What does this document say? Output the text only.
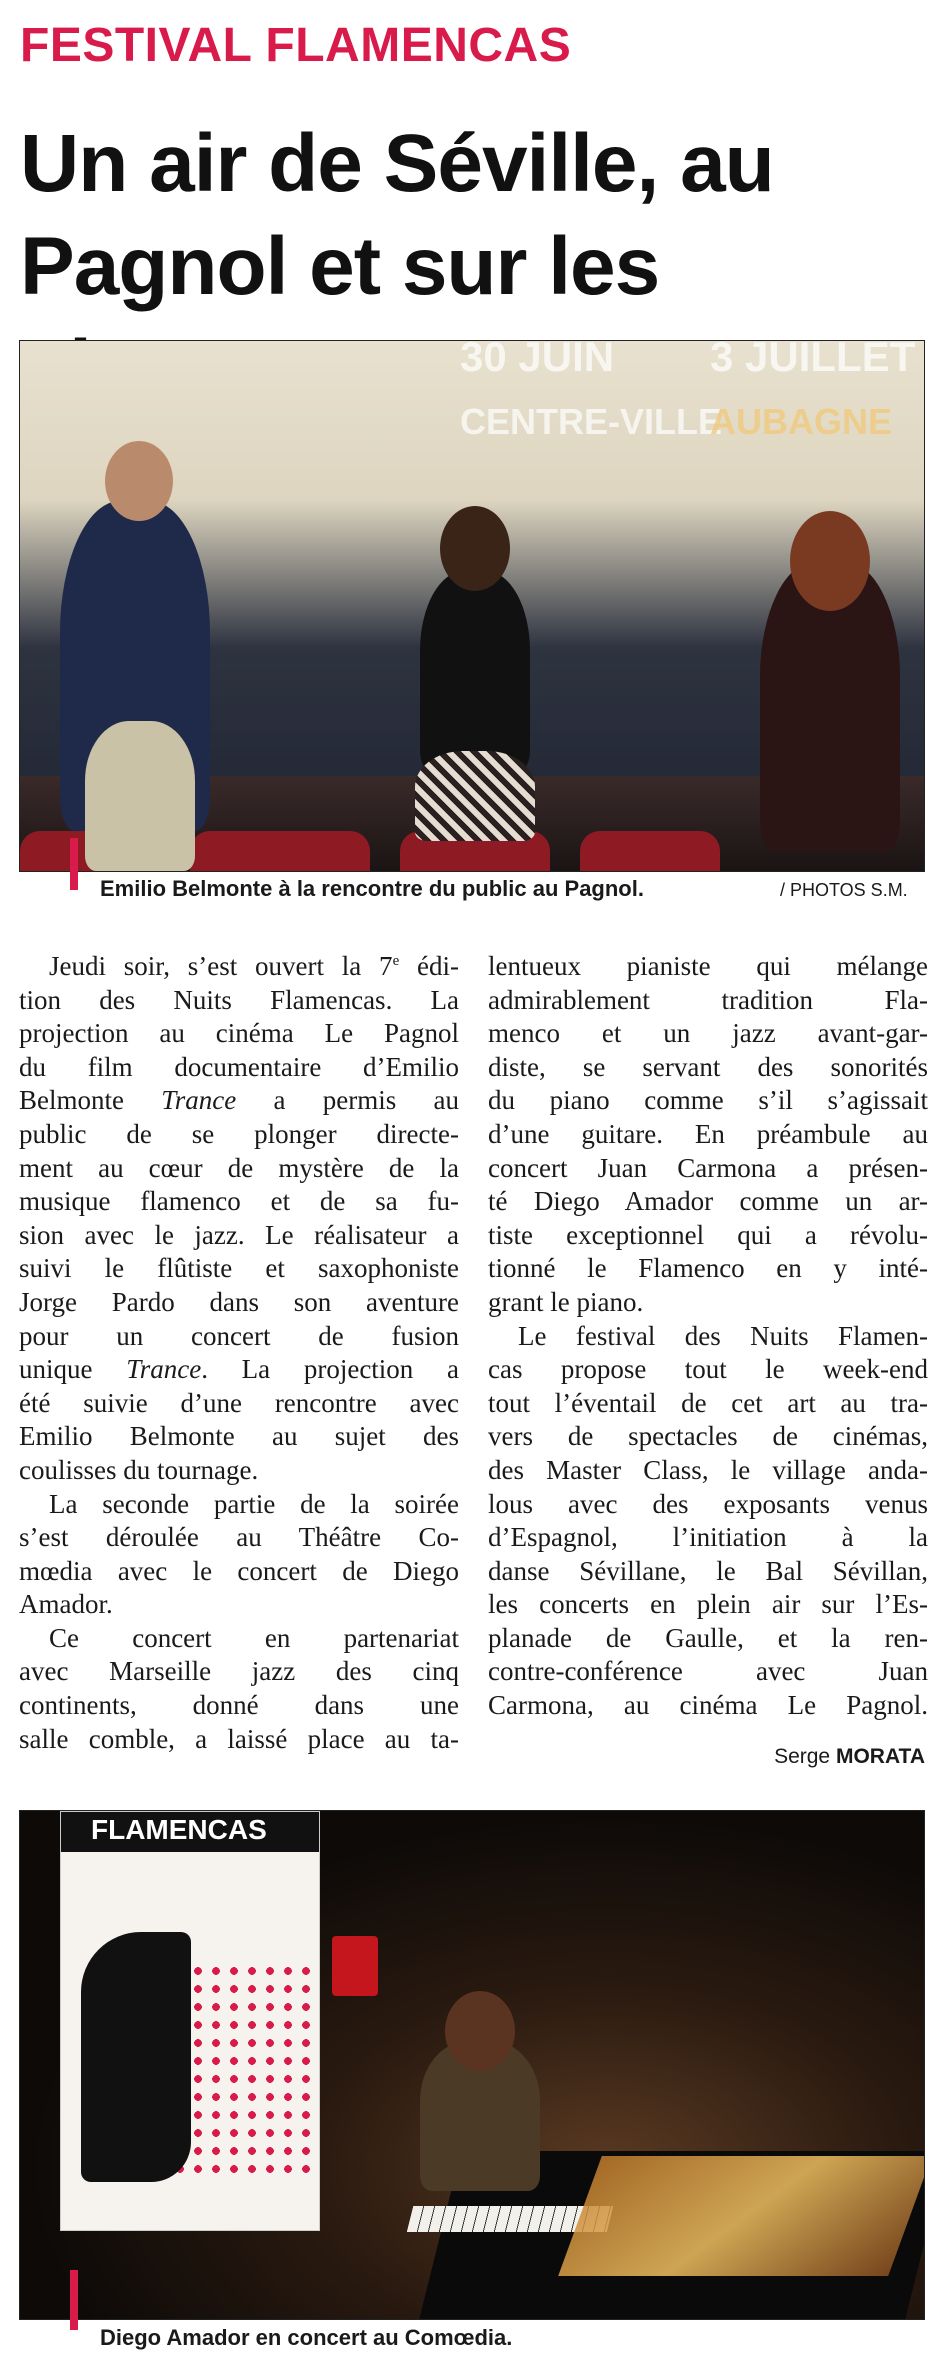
FESTIVAL FLAMENCAS
Un air de Séville, au
Pagnol et sur les
30 JUIN 3 JUILLET
CENTRE-VILLE
AUBAGNE
Emilio Belmonte à la rencontre du public au Pagnol.	/ PHOTOS S.M.
Jeudi soir, s’est ouvert la 7e édi-
tion des Nuits Flamencas. La
projection au cinéma Le Pagnol
du film documentaire d’Emilio
Belmonte Trance a permis au
public de se plonger directe-
ment au cœur de mystère de la
musique flamenco et de sa fu-
sion avec le jazz. Le réalisateur a
suivi le flûtiste et saxophoniste
Jorge Pardo dans son aventure
pour un concert de fusion
unique Trance. La projection a
été suivie d’une rencontre avec
Emilio Belmonte au sujet des
coulisses du tournage.
La seconde partie de la soirée
s’est déroulée au Théâtre Co-
mœdia avec le concert de Diego
Amador.
Ce concert en partenariat
avec Marseille jazz des cinq
continents, donné dans une
salle comble, a laissé place au ta-
lentueux pianiste qui mélange
admirablement tradition Fla-
menco et un jazz avant-gar-
diste, se servant des sonorités
du piano comme s’il s’agissait
d’une guitare. En préambule au
concert Juan Carmona a présen-
té Diego Amador comme un ar-
tiste exceptionnel qui a révolu-
tionné le Flamenco en y inté-
grant le piano.
Le festival des Nuits Flamen-
cas propose tout le week-end
tout l’éventail de cet art au tra-
vers de spectacles de cinémas,
des Master Class, le village anda-
lous avec des exposants venus
d’Espagnol, l’initiation à la
danse Sévillane, le Bal Sévillan,
les concerts en plein air sur l’Es-
planade de Gaulle, et la ren-
contre-conférence avec Juan
Carmona, au cinéma Le Pagnol.
Serge MORATA
FLAMENCAS
Diego Amador en concert au Comœdia.
